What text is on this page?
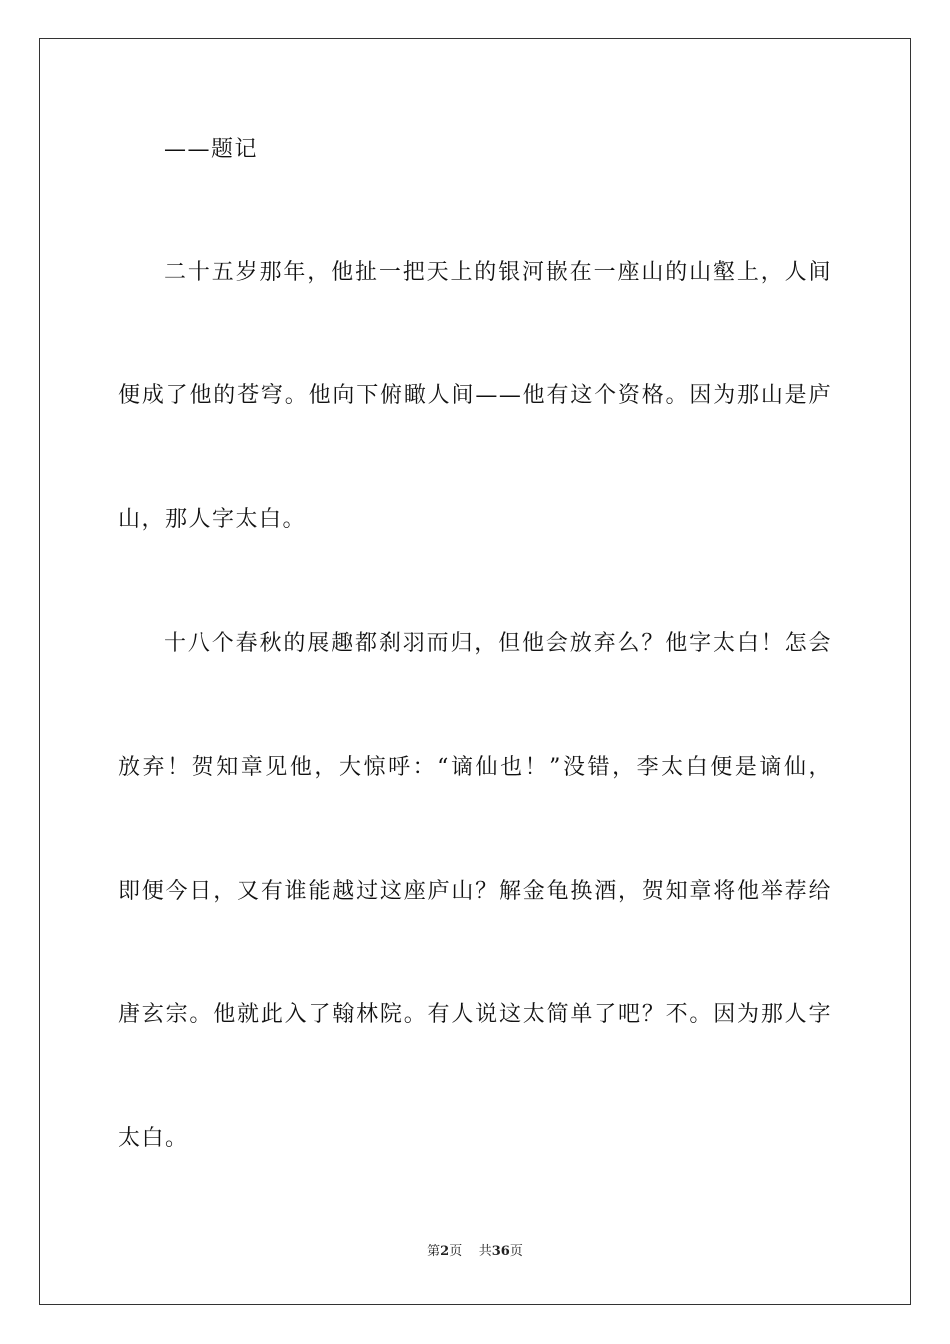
——题记
二十五岁那年，他扯一把天上的银河嵌在一座山的山壑上，人间
便成了他的苍穹。他向下俯瞰人间——他有这个资格。因为那山是庐
山，那人字太白。
十八个春秋的展趣都刹羽而归，但他会放弃么？他字太白！怎会
放弃！贺知章见他，大惊呼：“谪仙也！”没错，李太白便是谪仙，
即便今日，又有谁能越过这座庐山？解金龟换酒，贺知章将他举荐给
唐玄宗。他就此入了翰林院。有人说这太简单了吧？不。因为那人字
太白。
第2页 共36页
